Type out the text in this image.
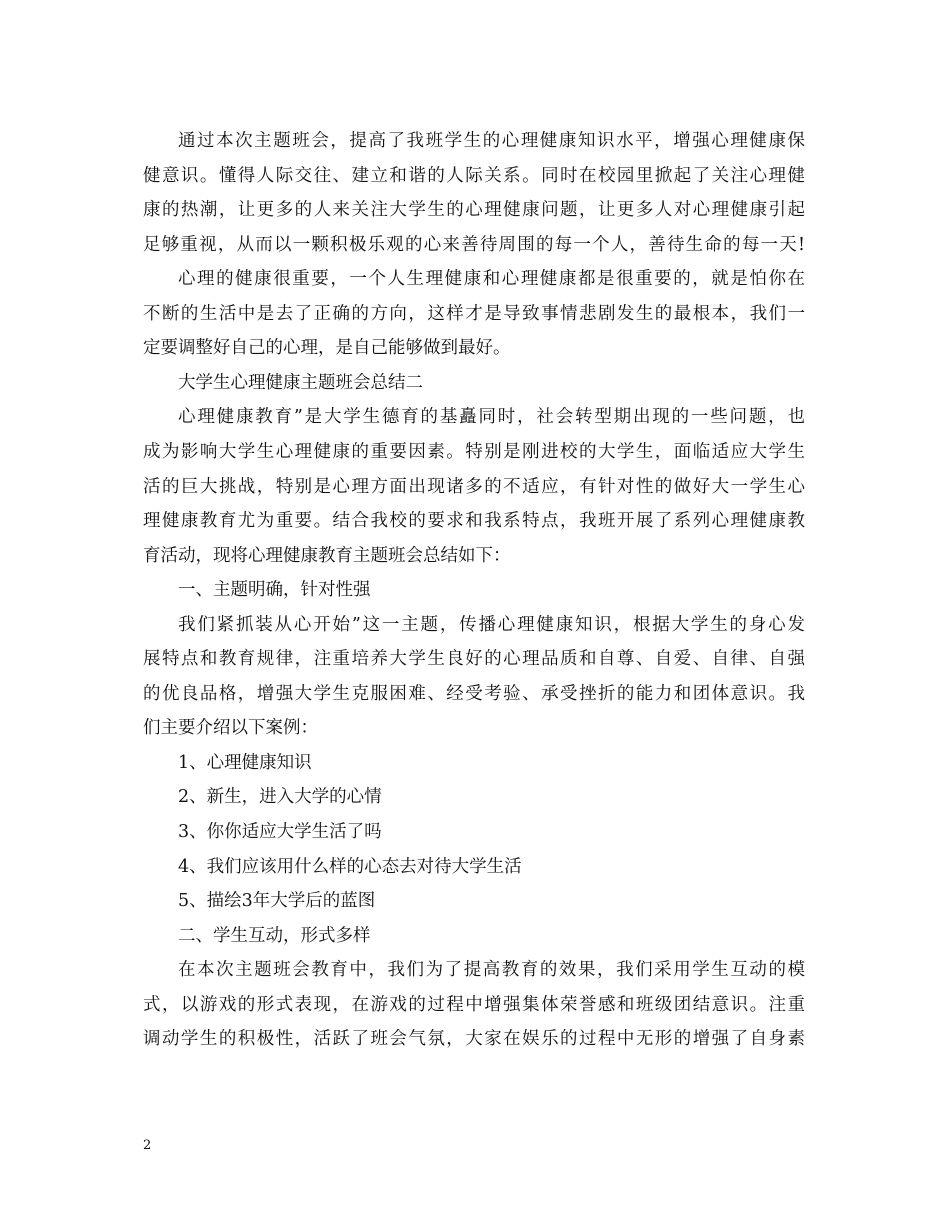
通过本次主题班会，提高了我班学生的心理健康知识水平，增强心理健康保
健意识。懂得人际交往、建立和谐的人际关系。同时在校园里掀起了关注心理健
康的热潮，让更多的人来关注大学生的心理健康问题，让更多人对心理健康引起
足够重视，从而以一颗积极乐观的心来善待周围的每一个人，善待生命的每一天!
心理的健康很重要，一个人生理健康和心理健康都是很重要的，就是怕你在
不断的生活中是去了正确的方向，这样才是导致事情悲剧发生的最根本，我们一
定要调整好自己的心理，是自己能够做到最好。
大学生心理健康主题班会总结二
心理健康教育”是大学生德育的基矗同时，社会转型期出现的一些问题，也
成为影响大学生心理健康的重要因素。特别是刚进校的大学生，面临适应大学生
活的巨大挑战，特别是心理方面出现诸多的不适应，有针对性的做好大一学生心
理健康教育尤为重要。结合我校的要求和我系特点，我班开展了系列心理健康教
育活动，现将心理健康教育主题班会总结如下：
一、主题明确，针对性强
我们紧抓装从心开始”这一主题，传播心理健康知识，根据大学生的身心发
展特点和教育规律，注重培养大学生良好的心理品质和自尊、自爱、自律、自强
的优良品格，增强大学生克服困难、经受考验、承受挫折的能力和团体意识。我
们主要介绍以下案例：
1、心理健康知识
2、新生，进入大学的心情
3、你你适应大学生活了吗
4、我们应该用什么样的心态去对待大学生活
5、描绘3年大学后的蓝图
二、学生互动，形式多样
在本次主题班会教育中，我们为了提高教育的效果，我们采用学生互动的模
式，以游戏的形式表现，在游戏的过程中增强集体荣誉感和班级团结意识。注重
调动学生的积极性，活跃了班会气氛，大家在娱乐的过程中无形的增强了自身素
2
